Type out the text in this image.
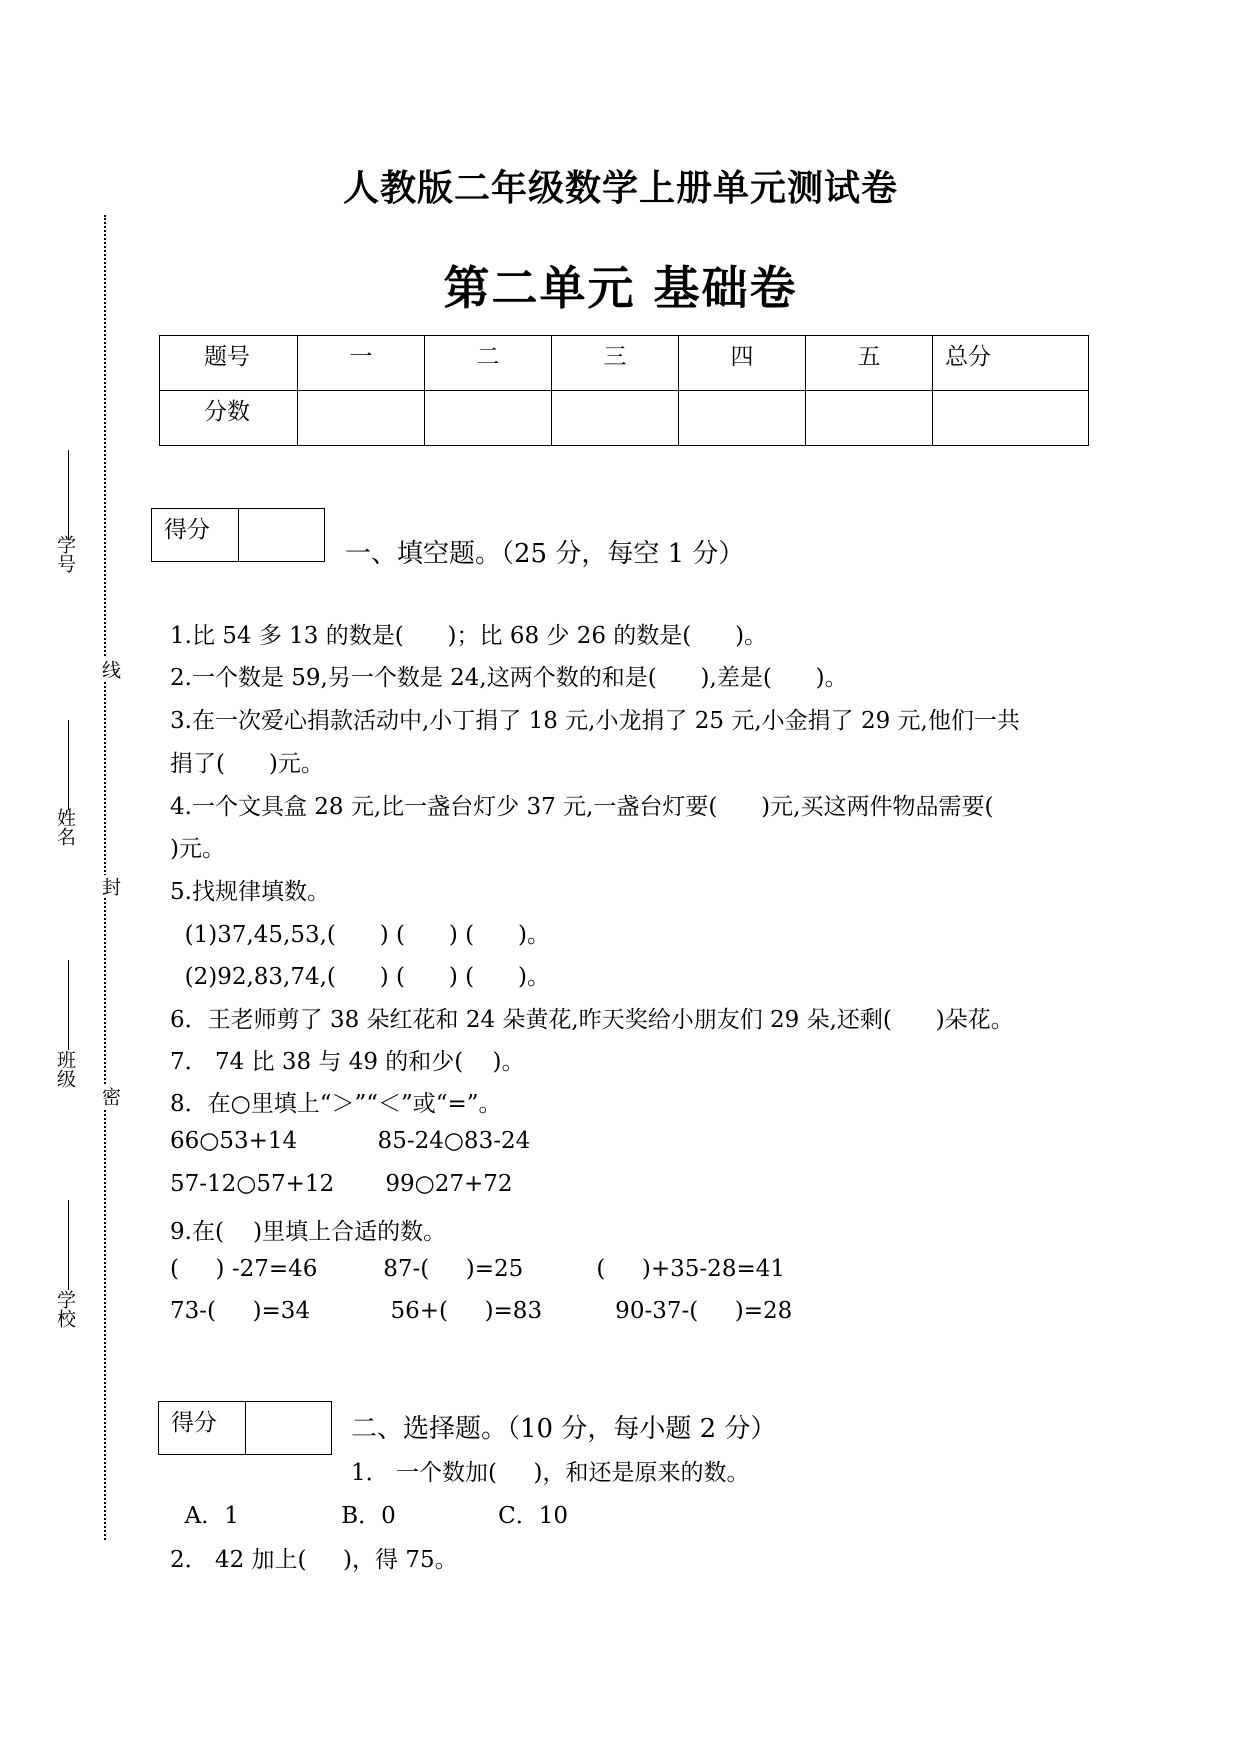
人教版二年级数学上册单元测试卷
第二单元 基础卷
题号	一	二	三	四	五	总分
分数						
学号
姓名
班级
学校
线
封
密
得分
一、填空题。（25 分，每空 1 分）
1.比 54 多 13 的数是(      )；比 68 少 26 的数是(      )。
2.一个数是 59,另一个数是 24,这两个数的和是(      ),差是(      )。
3.在一次爱心捐款活动中,小丁捐了 18 元,小龙捐了 25 元,小金捐了 29 元,他们一共
捐了(      )元。
4.一个文具盒 28 元,比一盏台灯少 37 元,一盏台灯要(      )元,买这两件物品需要(
)元。
5.找规律填数。
(1)37,45,53,(      ) (      ) (      )。
(2)92,83,74,(      ) (      ) (      )。
6．王老师剪了 38 朵红花和 24 朵黄花,昨天奖给小朋友们 29 朵,还剩(      )朵花。
7． 74 比 38 与 49 的和少(    )。
8．在○里填上“＞”“＜”或“=”。
66○53+14           85-24○83-24
57-12○57+12       99○27+72
9.在(    )里填上合适的数。
(     ) -27=46         87-(     )=25          (     )+35-28=41
73-(     )=34           56+(     )=83          90-37-(     )=28
得分	二、选择题。（10 分，每小题 2 分）
1． 一个数加(     )，和还是原来的数。
A．1              B．0              C．10
2． 42 加上(     )，得 75。
